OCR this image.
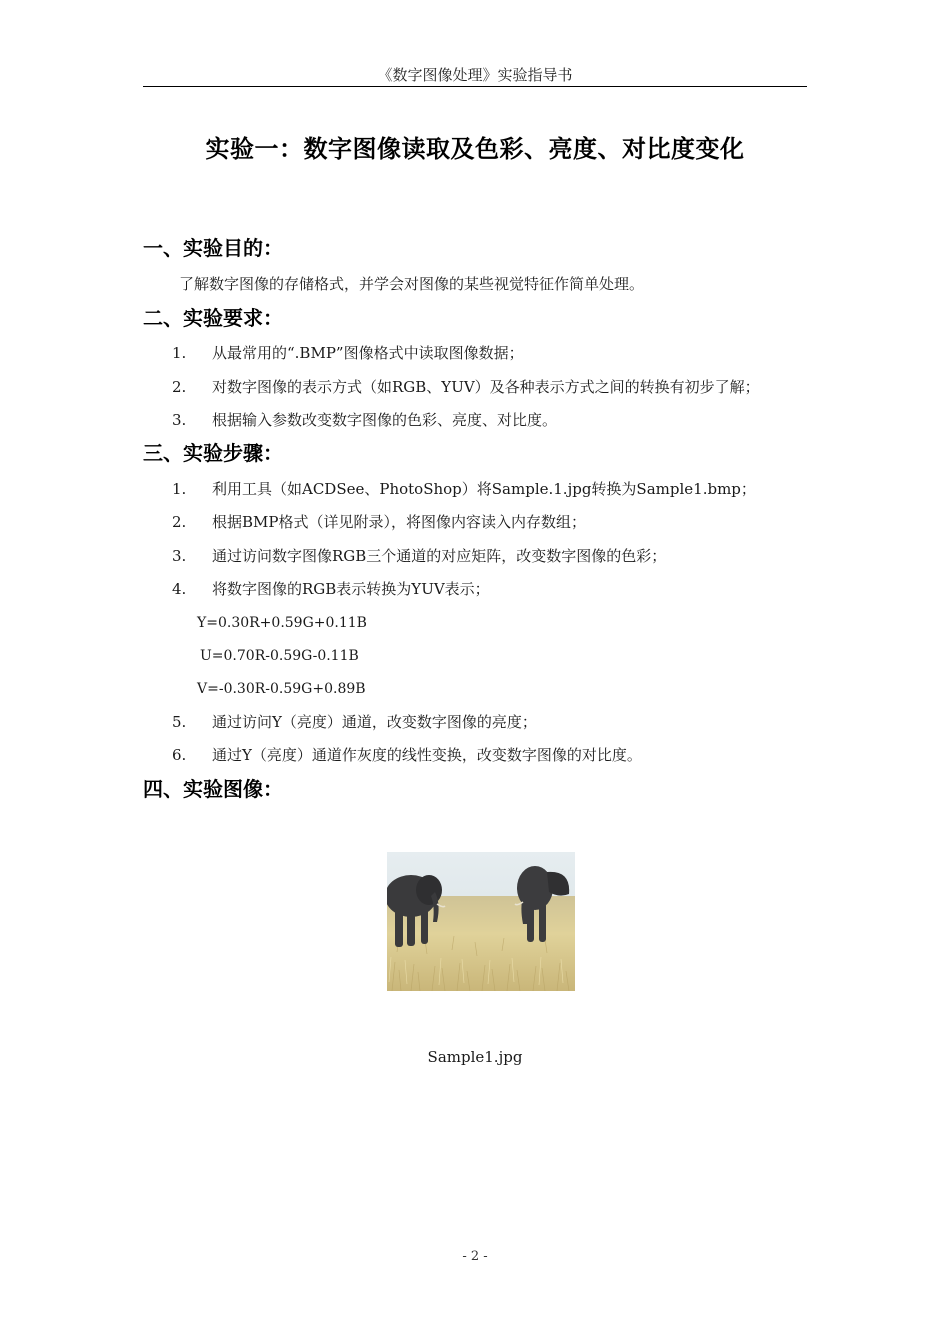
《数字图像处理》实验指导书
实验一：数字图像读取及色彩、亮度、对比度变化
一、实验目的：
了解数字图像的存储格式，并学会对图像的某些视觉特征作简单处理。
二、实验要求：
1. 从最常用的“.BMP”图像格式中读取图像数据；
2. 对数字图像的表示方式（如RGB、YUV）及各种表示方式之间的转换有初步了解；
3. 根据输入参数改变数字图像的色彩、亮度、对比度。
三、实验步骤：
1. 利用工具（如ACDSee、PhotoShop）将Sample.1.jpg转换为Sample1.bmp；
2. 根据BMP格式（详见附录），将图像内容读入内存数组；
3. 通过访问数字图像RGB三个通道的对应矩阵，改变数字图像的色彩；
4. 将数字图像的RGB表示转换为YUV表示；
Y=0.30R+0.59G+0.11B
U=0.70R-0.59G-0.11B
V=-0.30R-0.59G+0.89B
5. 通过访问Y（亮度）通道，改变数字图像的亮度；
6. 通过Y（亮度）通道作灰度的线性变换，改变数字图像的对比度。
四、实验图像：
Sample1.jpg
- 2 -
